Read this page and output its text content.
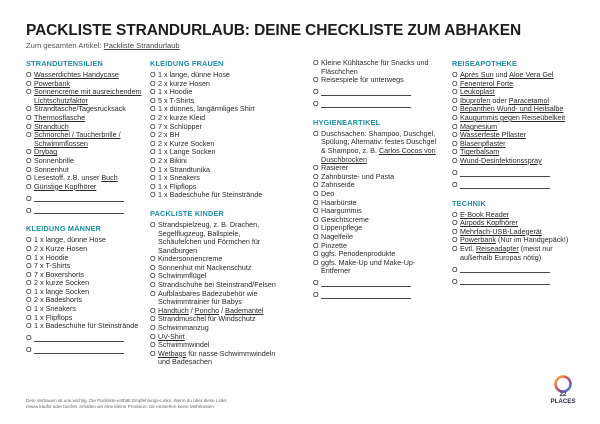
PACKLISTE STRANDURLAUB: DEINE CHECKLISTE ZUM ABHAKEN
Zum gesamten Artikel: Packliste Strandurlaub
STRANDUTENSILIEN
O Wasserdichtes Handycase
O Powerbank
O Sonnencreme mit ausreichendem Lichtschutzfaktor
O Strandtasche/Tagesrucksack
O Thermosflasche
O Strandtuch
O Schnorchel / Taucherbrille / Schwimmflossen
O Drybag
O Sonnenbrille
O Sonnenhut
O Lesestoff, z.B. unser Buch
O Günstige Kopfhörer
O
O
KLEIDUNG MÄNNER
O 1 x lange, dünne Hose
O 2 x Kurze Hosen
O 1 x Hoodie
O 7 x T-Shirts
O 7 x Boxershorts
O 2 x kurze Socken
O 1 x lange Socken
O 2 x Badeshorts
O 1 x Sneakers
O 1 x Flipflops
O 1 x Badeschuhe für Steinstrände
O
O
KLEIDUNG FRAUEN
O 1 x lange, dünne Hose
O 2 x kurze Hosen
O 1 x Hoodie
O 5 x T-Shirts
O 1 x dünnes, langärmliges Shirt
O 2 x kurze Kleid
O 7 x Schlüpper
O 2 x BH
O 2 x Kurze Socken
O 1 x Lange Socken
O 2 x Bikini
O 1 x Strandtunika
O 1 x Sneakers
O 1 x Flipflops
O 1 x Badeschuhe für Steinstrände
PACKLISTE KINDER
O Strandspielzeug, z. B. Drachen, Segelflugzeug, Ballspiele, Schäufelchen und Förmchen für Sandburgen
O Kindersonnencreme
O Sonnenhut mit Nackenschutz
O Schwimmflügel
O Strandschuhe bei Steinstrand/Felsen
O Aufblasbares Badezubehör wie Schwimmtrainer für Babys
O Handtuch / Poncho / Bademantel
O Strandmuschel für Windschutz
O Schwimmanzug
O UV-Shirt
O Schwimmwindel
O Wetbags für nasse Schwimmwindeln und Badesachen
O Kleine Kühltasche für Snacks und Fläschchen
O Reisespiele für unterwegs
O
O
HYGIENEARTIKEL
O Duschsachen: Shampoo, Duschgel, Spülung; Alternativ: festes Duschgel & Shampoo, z. B. Carlos Cocos von Duschbrocken
O Rasierer
O Zahnbürste- und Pasta
O Zahnseide
O Deo
O Haarbürste
O Haargummis
O Gesichtscreme
O Lippenpflege
O Nagelfeile
O Pinzette
O ggfs. Periodenprodukte
O ggfs. Make-Up und Make-Up-Entferner
O
O
REISEAPOTHEKE
O Après Sun und Aloe Vera Gel
O Fenenterol Forte
O Leukoplast
O Ibuprofen oder Paracetamol
O Bepanthen Wund- und Heilsalbe
O Kaugummis gegen Reiseübelkeit
O Magnesium
O Wasserfeste Pflaster
O Blasenpflaster
O Tigerbalsam
O Wund-Desinfektionsspray
O
O
TECHNIK
O E-Book Reader
O Airpods Kopfhörer
O Mehrfach-USB-Ladegerät
O Powerbank (Nur im Handgepäck!)
O Evtl. Reiseadapter (meist nur außerhalb Europas nötig)
O
O
Dein Vertrauen ist uns wichtig. Die Packliste enthält Empfehlungs-Links. Wenn du über diese Links
etwas kaufst oder buchst, erhalten wir eine kleine Provision. Dir entstehen keine Mehrkosten.
22
PLACES
